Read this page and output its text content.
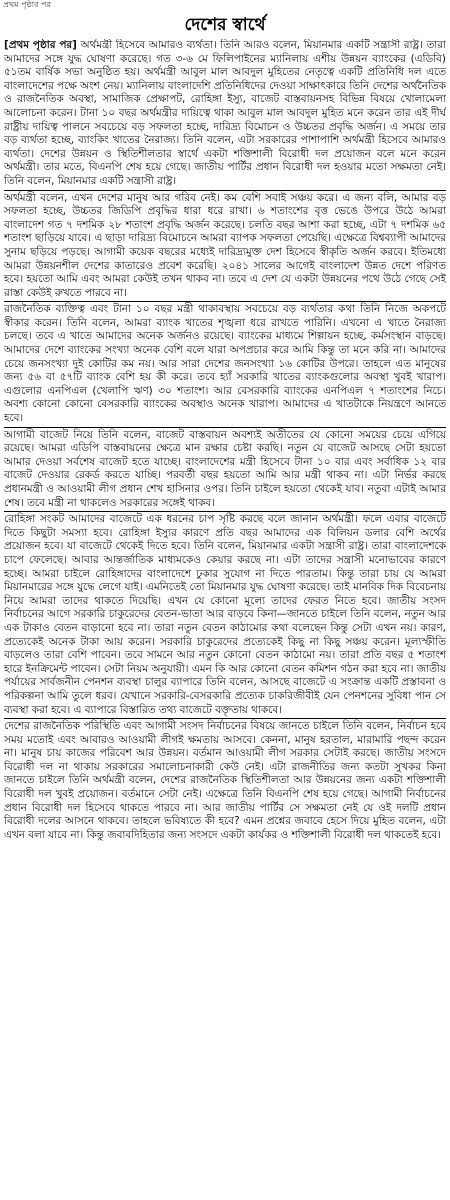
প্রথম পৃষ্ঠার পর
দেশের স্বার্থে

[প্রথম পৃষ্ঠার পর] অর্থমন্ত্রী হিসেবে আমারও ব্যর্থতা। তিনি আরও বলেন, মিয়ানমার একটি সন্ত্রাসী রাষ্ট্র। তারা আমাদের সঙ্গে যুদ্ধ ঘোষণা করেছে। গত ৩-৬ মে ফিলিপাইনের ম্যানিলায় এশীয় উন্নয়ন ব্যাংকের (এডিবি) ৫১তম বার্ষিক সভা অনুষ্ঠিত হয়। অর্থমন্ত্রী আবুল মাল আবদুল মুহিতের নেতৃত্বে একটি প্রতিনিধি দল এতে বাংলাদেশের পক্ষে অংশ নেয়। ম্যানিলায় বাংলাদেশি প্রতিনিধিদের দেওয়া সাক্ষাৎকারে তিনি দেশের অর্থনৈতিক ও রাজনৈতিক অবস্থা, সামাজিক প্রেক্ষাপট, রোহিঙ্গা ইস্যু, বাজেট বাস্তবায়নসহ বিভিন্ন বিষয়ে খোলামেলা আলোচনা করেন। টানা ১০ বছর অর্থমন্ত্রীর দায়িত্বে থাকা আবুল মাল আবদুল মুহিত মনে করেন তার এই দীর্ঘ রাষ্ট্রীয় দায়িত্ব পালনে সবচেয়ে বড় সফলতা হচ্ছে, দারিদ্র্য বিমোচন ও উচ্চতর প্রবৃদ্ধি অর্জন। এ সময়ে তার বড় ব্যর্থতা হচ্ছে, ব্যাংকিং খাতের নৈরাজ্য। তিনি বলেন, এটা সরকারের পাশাপাশি অর্থমন্ত্রী হিসেবে আমারও ব্যর্থতা। দেশের উন্নয়ন ও স্থিতিশীলতার স্বার্থে একটা শক্তিশালী বিরোধী দল প্রয়োজন বলে মনে করেন অর্থমন্ত্রী। তার মতে, বিএনপি শেষ হয়ে গেছে। জাতীয় পার্টির প্রধান বিরোধী দল হওয়ার মতো সক্ষমতা নেই। তিনি বলেন, মিয়ানমার একটি সন্ত্রাসী রাষ্ট্র।

অর্থমন্ত্রী বলেন, এখন দেশের মানুষ আর গরিব নেই। কম বেশি সবাই সঞ্চয় করে। এ জন্য বলি, আমার বড় সফলতা হচ্ছে, উচ্চতর জিডিপি প্রবৃদ্ধির ধারা ধরে রাখা। ৬ শতাংশের বৃত্ত ভেঙে উপরে উঠে আমরা বাংলাদেশ গত ৭ দশমিক ২৮ শতাংশ প্রবৃদ্ধি অর্জন করেছে। চলতি বছর আশা করা হচ্ছে, এটা ৭ দশমিক ৬৫ শতাংশ ছাড়িয়ে যাবে। এ ছাড়া দারিদ্র্য বিমোচনে আমরা ব্যাপক সফলতা পেয়েছি। এক্ষেত্রে বিশ্বব্যাপী আমাদের সুনাম ছড়িয়ে পড়ছে। আগামী কয়েক বছরের মধ্যেই দারিদ্র্যমুক্ত দেশ হিসেবে স্বীকৃতি অর্জন করবে। ইতিমধ্যে আমরা উন্নয়নশীল দেশের কাতারেও প্রবেশ করেছি। ২০৪১ সালের আগেই বাংলাদেশ উন্নত দেশে পরিণত হবে। হয়তো আমি এবং আমরা কেউই তখন থাকব না। তবে এ দেশ যে একটা উন্নয়নের পথে উঠে গেছে সেই রাস্তা কেউই রুখতে পারবে না।

রাজনৈতিক ব্যক্তিত্ব এবং টানা ১০ বছর মন্ত্রী থাকাবস্থায় সবচেয়ে বড় ব্যর্থতার কথা তিনি নিজে অকপটে স্বীকার করেন। তিনি বলেন, আমরা ব্যাংক খাতের শৃঙ্খলা ধরে রাখতে পারিনি। এখনো এ খাতে নৈরাজ্য চলছে। তবে এ খাতে আমাদের অনেক অর্জনও রয়েছে। ব্যাংকের মাধ্যমে শিল্পায়ন হচ্ছে, কর্মসংস্থান বাড়ছে। আমাদের দেশে ব্যাংকের সংখ্যা অনেক বেশি বলে যারা অপপ্রচার করে আমি কিন্তু তা মনে করি না। আমাদের চেয়ে জনসংখ্যা দুই কোটির কম নয়। আর সারা দেশের জনসংখ্যা ১৬ কোটির উপরে। তাহলে এত মানুষের জন্য ৫৬ বা ৫৭টি ব্যাংক বেশি হয় কী করে। তবে হ্যাঁ সরকারি খাতের ব্যাংকগুলোর অবস্থা খুবই খারাপ। এগুলোর এনপিএল (খেলাপি ঋণ) ৩০ শতাংশ। আর বেসরকারি ব্যাংকের এনপিএল ৭ শতাংশের নিচে। অবশ্য কোনো কোনো বেসরকারি ব্যাংকের অবস্থাও অনেক খারাপ। আমাদের এ খাতটাকে নিয়ন্ত্রণে আনতে হবে।

আগামী বাজেট নিয়ে তিনি বলেন, বাজেট বাস্তবায়ন অবশ্যই অতীতের যে কোনো সময়ের চেয়ে এগিয়ে রয়েছে। আমরা এডিপি বাস্তবায়নের ক্ষেত্রে মান রক্ষার চেষ্টা করছি। নতুন যে বাজেট আসছে সেটা হয়তো আমার দেওয়া সর্বশেষ বাজেট হতে যাচ্ছে। বাংলাদেশের মন্ত্রী হিসেবে টানা ১০ বার এবং সর্বাধিক ১২ বার বাজেট দেওয়ার রেকর্ড করতে যাচ্ছি। পরবর্তী বছর হয়তো আমি আর মন্ত্রী থাকব না। এটা নির্ভর করছে প্রধানমন্ত্রী ও আওয়ামী লীগ প্রধান শেখ হাসিনার ওপর। তিনি চাইলে হয়তো থেকেই যাব। নতুবা এটাই আমার শেষ। তবে মন্ত্রী না থাকলেও সরকারের সঙ্গেই থাকব।

রোহিঙ্গা সংকট আমাদের বাজেটে এক ধরনের চাপ সৃষ্টি করছে বলে জানান অর্থমন্ত্রী। ফলে এবার বাজেটে দিতে কিছুটা সমস্যা হবে। রোহিঙ্গা ইস্যুর কারণে প্রতি বছর আমাদের এক বিলিয়ন ডলার বেশি অর্থের প্রয়োজন হবে। যা বাজেটে থেকেই দিতে হবে। তিনি বলেন, মিয়ানমার একটা সন্ত্রাসী রাষ্ট্র। তারা বাংলাদেশকে চাপে ফেলেছে। আবার আন্তর্জাতিক মাধ্যমকেও কেয়ার করছে না। এটা তাদের সন্ত্রাসী মনোভাবের কারণে হচ্ছে। আমরা চাইলে রোহিঙ্গাদের বাংলাদেশে ঢুকার সুযোগ না দিতে পারতাম। কিন্তু তারা চায় যে আমরা মিয়ানমারের সঙ্গে যুদ্ধে লেগে যাই। এমনিতেই তো মিয়ানমার যুদ্ধ ঘোষণা করেছে। তাই মানবিক দিক বিবেচনায় নিয়ে আমরা তাদের থাকতে দিয়েছি। এখন যে কোনো মূল্যে তাদের ফেরত নিতে হবে। জাতীয় সংসদ নির্বাচনের আগে সরকারি চাকুরেদের বেতন-ভাতা আর বাড়বে কিনা—জানতে চাইলে তিনি বলেন, নতুন আর এক টাকাও বেতন বাড়ানো হবে না। তারা নতুন বেতন কাঠামোর কথা বলেছেন কিন্তু সেটা এখন নয়। কারণ, প্রত্যেকেই অনেক টাকা আয় করেন। সরকারি চাকুরেদের প্রত্যেকেই কিছু না কিছু সঞ্চয় করেন। মূল্যস্ফীতি বাড়লেও তারা বেশি পাবেন। তবে সামনে আর নতুন কোনো বেতন কাঠামো নয়। তারা প্রতি বছর ৫ শতাংশ হারে ইনক্রিমেন্ট পাবেন। সেটা নিয়ম অনুযায়ী। এমন কি আর কোনো বেতন কমিশন গঠন করা হবে না। জাতীয় পর্যায়ের সার্বজনীন পেনশন ব্যবস্থা চালুর ব্যাপারে তিনি বলেন, আসছে বাজেটে এ সংক্রান্ত একটি প্রস্তাবনা ও পরিকল্পনা আমি তুলে ধরব। যেখানে সরকারি-বেসরকারি প্রত্যেক চাকরিজীবীই যেন পেনশনের সুবিধা পান সে ব্যবস্থা করা হবে। এ ব্যাপারে বিস্তারিত তথ্য বাজেটে বক্তৃতায় থাকবে।

দেশের রাজনৈতিক পরিস্থিতি এবং আগামী সংসদ নির্বাচনের বিষয়ে জানতে চাইলে তিনি বলেন, নির্বাচন হবে সময় মতোই এবং আবারও আওয়ামী লীগই ক্ষমতায় আসবে। কেননা, মানুষ হরতাল, মারামারি পছন্দ করেন না। মানুষ চায় কাজের পরিবেশ আর উন্নয়ন। বর্তমান আওয়ামী লীগ সরকার সেটাই করছে। জাতীয় সংসদে বিরোধী দল না থাকায় সরকারের সমালোচনাকারী কেউ নেই। এটা রাজনীতির জন্য কতটা সুখকর কিনা জানতে চাইলে তিনি অর্থমন্ত্রী বলেন, দেশের রাজনৈতিক স্থিতিশীলতা আর উন্নয়নের জন্য একটা শক্তিশালী বিরোধী দল খুবই প্রয়োজন। বর্তমানে সেটা নেই। এক্ষেত্রে তিনি বিএনপি শেষ হয়ে গেছে। আগামী নির্বাচনের প্রধান বিরোধী দল হিসেবে থাকতে পারবে না। আর জাতীয় পার্টির সে সক্ষমতা নেই যে ওই দলটি প্রধান বিরোধী দলের আসনে থাকবে। তাহলে ভবিষ্যতে কী হবে? এমন প্রশ্নের জবাবে হেসে দিয়ে মুহিত বলেন, এটা এখন বলা যাবে না। কিন্তু জবাবদিহিতার জন্য সংসদে একটা কার্যকর ও শক্তিশালী বিরোধী দল থাকতেই হবে।
